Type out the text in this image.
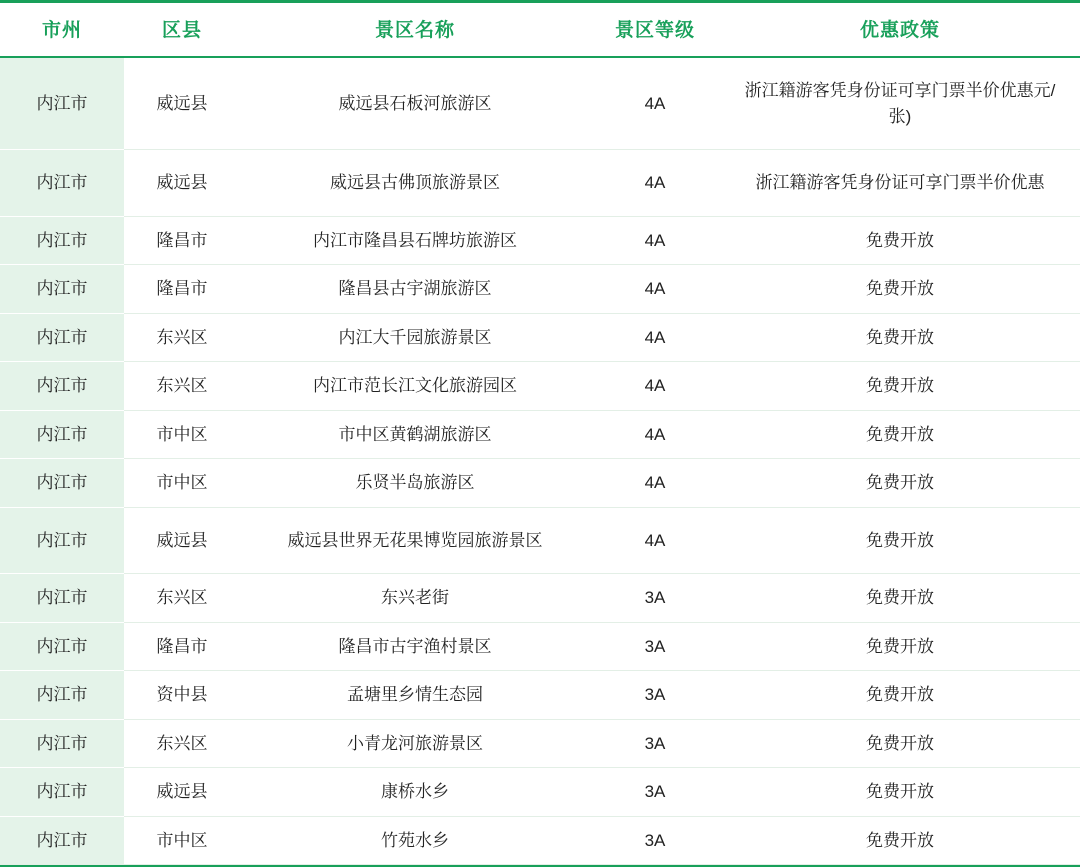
市州	区县	景区名称	景区等级	优惠政策
内江市	威远县	威远县石板河旅游区	4A	浙江籍游客凭身份证可享门票半价优惠元/张)
内江市	威远县	威远县古佛顶旅游景区	4A	浙江籍游客凭身份证可享门票半价优惠
内江市	隆昌市	内江市隆昌县石牌坊旅游区	4A	免费开放
内江市	隆昌市	隆昌县古宇湖旅游区	4A	免费开放
内江市	东兴区	内江大千园旅游景区	4A	免费开放
内江市	东兴区	内江市范长江文化旅游园区	4A	免费开放
内江市	市中区	市中区黄鹤湖旅游区	4A	免费开放
内江市	市中区	乐贤半岛旅游区	4A	免费开放
内江市	威远县	威远县世界无花果博览园旅游景区	4A	免费开放
内江市	东兴区	东兴老街	3A	免费开放
内江市	隆昌市	隆昌市古宇渔村景区	3A	免费开放
内江市	资中县	孟塘里乡情生态园	3A	免费开放
内江市	东兴区	小青龙河旅游景区	3A	免费开放
内江市	威远县	康桥水乡	3A	免费开放
内江市	市中区	竹苑水乡	3A	免费开放
